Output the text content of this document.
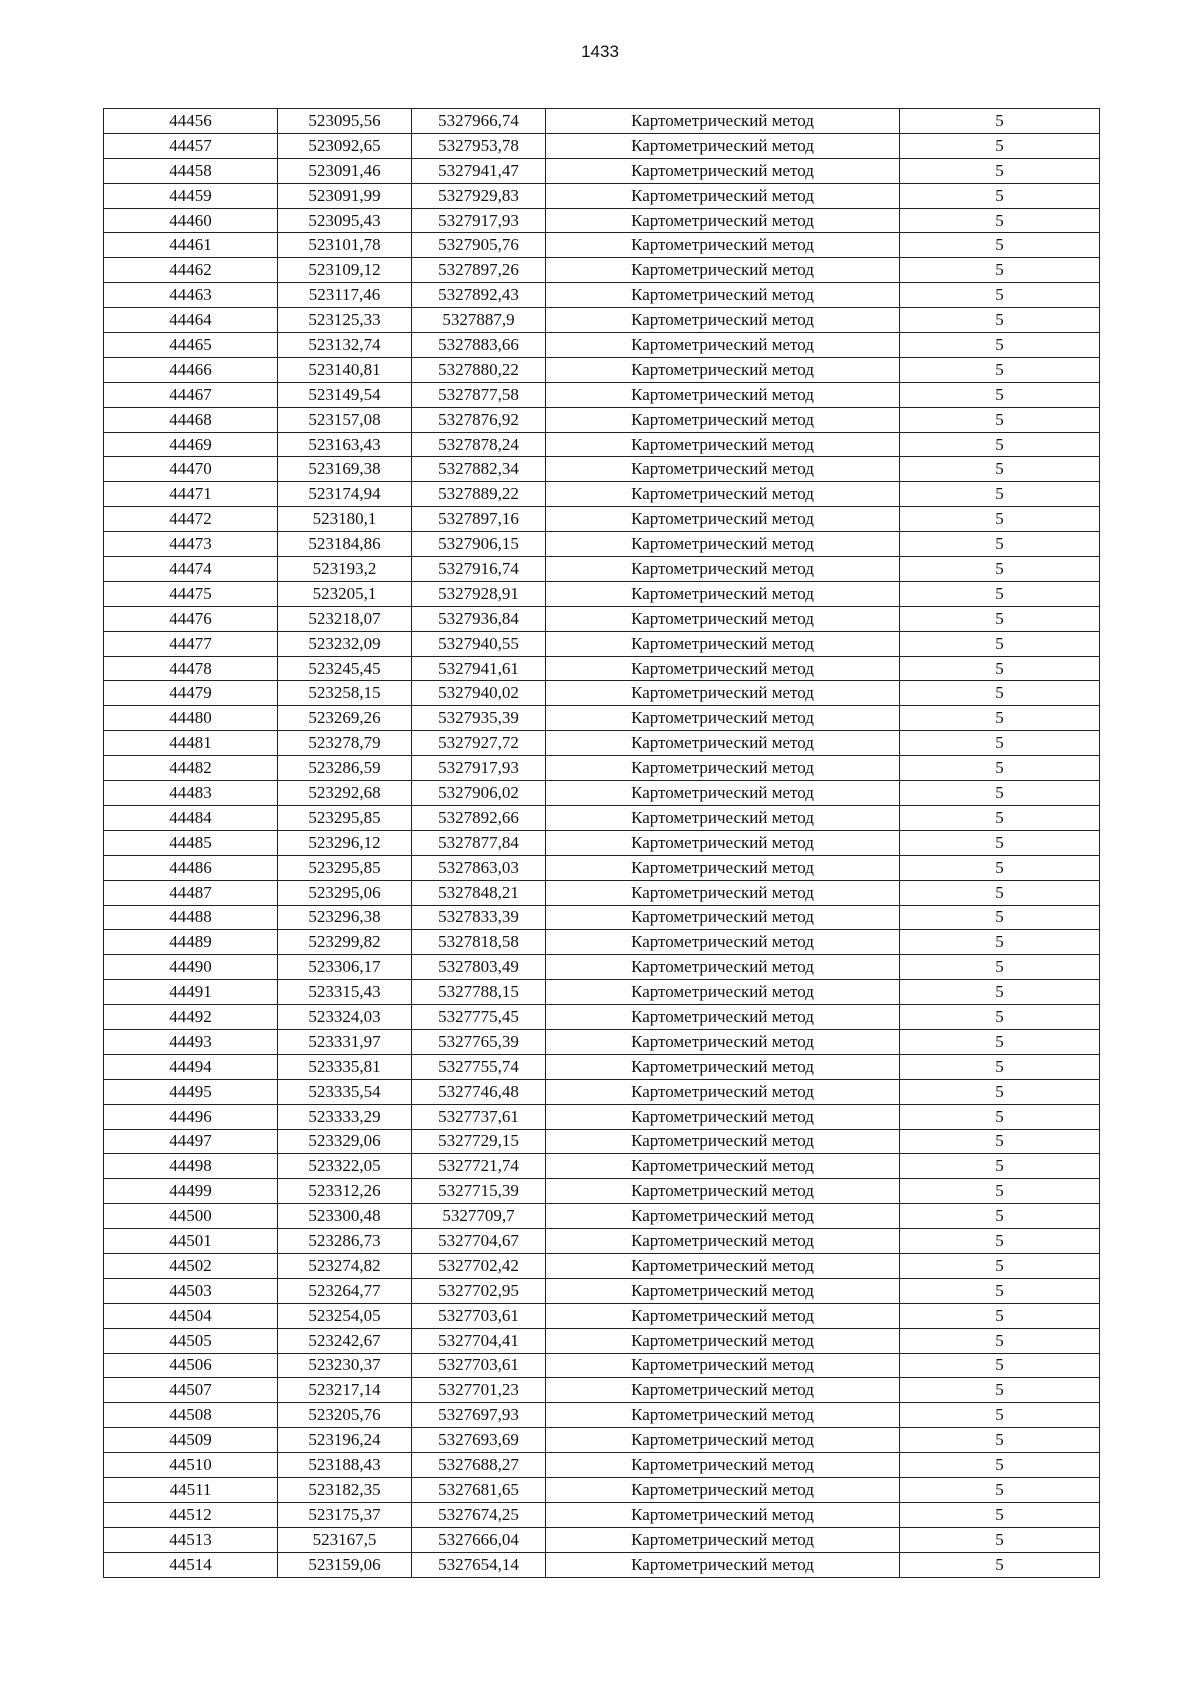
1433
44456	523095,56	5327966,74	Картометрический метод	5
44457	523092,65	5327953,78	Картометрический метод	5
44458	523091,46	5327941,47	Картометрический метод	5
44459	523091,99	5327929,83	Картометрический метод	5
44460	523095,43	5327917,93	Картометрический метод	5
44461	523101,78	5327905,76	Картометрический метод	5
44462	523109,12	5327897,26	Картометрический метод	5
44463	523117,46	5327892,43	Картометрический метод	5
44464	523125,33	5327887,9	Картометрический метод	5
44465	523132,74	5327883,66	Картометрический метод	5
44466	523140,81	5327880,22	Картометрический метод	5
44467	523149,54	5327877,58	Картометрический метод	5
44468	523157,08	5327876,92	Картометрический метод	5
44469	523163,43	5327878,24	Картометрический метод	5
44470	523169,38	5327882,34	Картометрический метод	5
44471	523174,94	5327889,22	Картометрический метод	5
44472	523180,1	5327897,16	Картометрический метод	5
44473	523184,86	5327906,15	Картометрический метод	5
44474	523193,2	5327916,74	Картометрический метод	5
44475	523205,1	5327928,91	Картометрический метод	5
44476	523218,07	5327936,84	Картометрический метод	5
44477	523232,09	5327940,55	Картометрический метод	5
44478	523245,45	5327941,61	Картометрический метод	5
44479	523258,15	5327940,02	Картометрический метод	5
44480	523269,26	5327935,39	Картометрический метод	5
44481	523278,79	5327927,72	Картометрический метод	5
44482	523286,59	5327917,93	Картометрический метод	5
44483	523292,68	5327906,02	Картометрический метод	5
44484	523295,85	5327892,66	Картометрический метод	5
44485	523296,12	5327877,84	Картометрический метод	5
44486	523295,85	5327863,03	Картометрический метод	5
44487	523295,06	5327848,21	Картометрический метод	5
44488	523296,38	5327833,39	Картометрический метод	5
44489	523299,82	5327818,58	Картометрический метод	5
44490	523306,17	5327803,49	Картометрический метод	5
44491	523315,43	5327788,15	Картометрический метод	5
44492	523324,03	5327775,45	Картометрический метод	5
44493	523331,97	5327765,39	Картометрический метод	5
44494	523335,81	5327755,74	Картометрический метод	5
44495	523335,54	5327746,48	Картометрический метод	5
44496	523333,29	5327737,61	Картометрический метод	5
44497	523329,06	5327729,15	Картометрический метод	5
44498	523322,05	5327721,74	Картометрический метод	5
44499	523312,26	5327715,39	Картометрический метод	5
44500	523300,48	5327709,7	Картометрический метод	5
44501	523286,73	5327704,67	Картометрический метод	5
44502	523274,82	5327702,42	Картометрический метод	5
44503	523264,77	5327702,95	Картометрический метод	5
44504	523254,05	5327703,61	Картометрический метод	5
44505	523242,67	5327704,41	Картометрический метод	5
44506	523230,37	5327703,61	Картометрический метод	5
44507	523217,14	5327701,23	Картометрический метод	5
44508	523205,76	5327697,93	Картометрический метод	5
44509	523196,24	5327693,69	Картометрический метод	5
44510	523188,43	5327688,27	Картометрический метод	5
44511	523182,35	5327681,65	Картометрический метод	5
44512	523175,37	5327674,25	Картометрический метод	5
44513	523167,5	5327666,04	Картометрический метод	5
44514	523159,06	5327654,14	Картометрический метод	5
